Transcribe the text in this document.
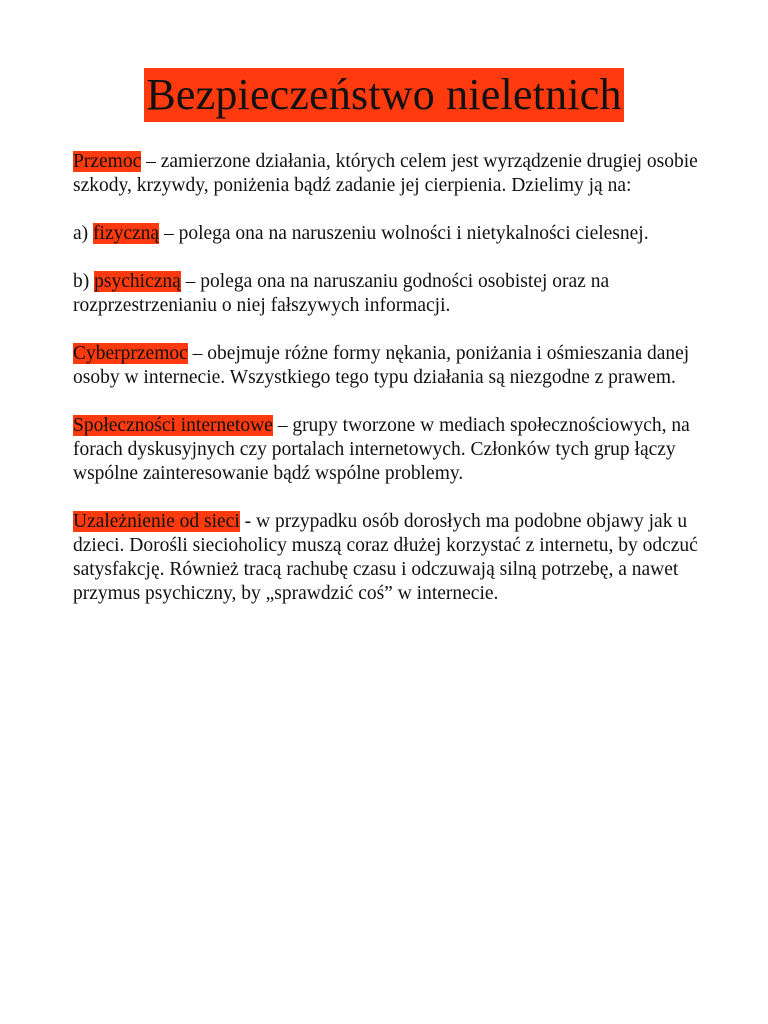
Bezpieczeństwo nieletnich

Przemoc – zamierzone działania, których celem jest wyrządzenie drugiej osobie szkody, krzywdy, poniżenia bądź zadanie jej cierpienia. Dzielimy ją na:

a) fizyczną – polega ona na naruszeniu wolności i nietykalności cielesnej.

b) psychiczną – polega ona na naruszaniu godności osobistej oraz na rozprzestrzenianiu o niej fałszywych informacji.

Cyberprzemoc – obejmuje różne formy nękania, poniżania i ośmieszania danej osoby w internecie. Wszystkiego tego typu działania są niezgodne z prawem.

Społeczności internetowe – grupy tworzone w mediach społecznościowych, na forach dyskusyjnych czy portalach internetowych. Członków tych grup łączy wspólne zainteresowanie bądź wspólne problemy.

Uzależnienie od sieci - w przypadku osób dorosłych ma podobne objawy jak u dzieci. Dorośli siecioholicy muszą coraz dłużej korzystać z internetu, by odczuć satysfakcję. Również tracą rachubę czasu i odczuwają silną potrzebę, a nawet przymus psychiczny, by „sprawdzić coś” w internecie.
